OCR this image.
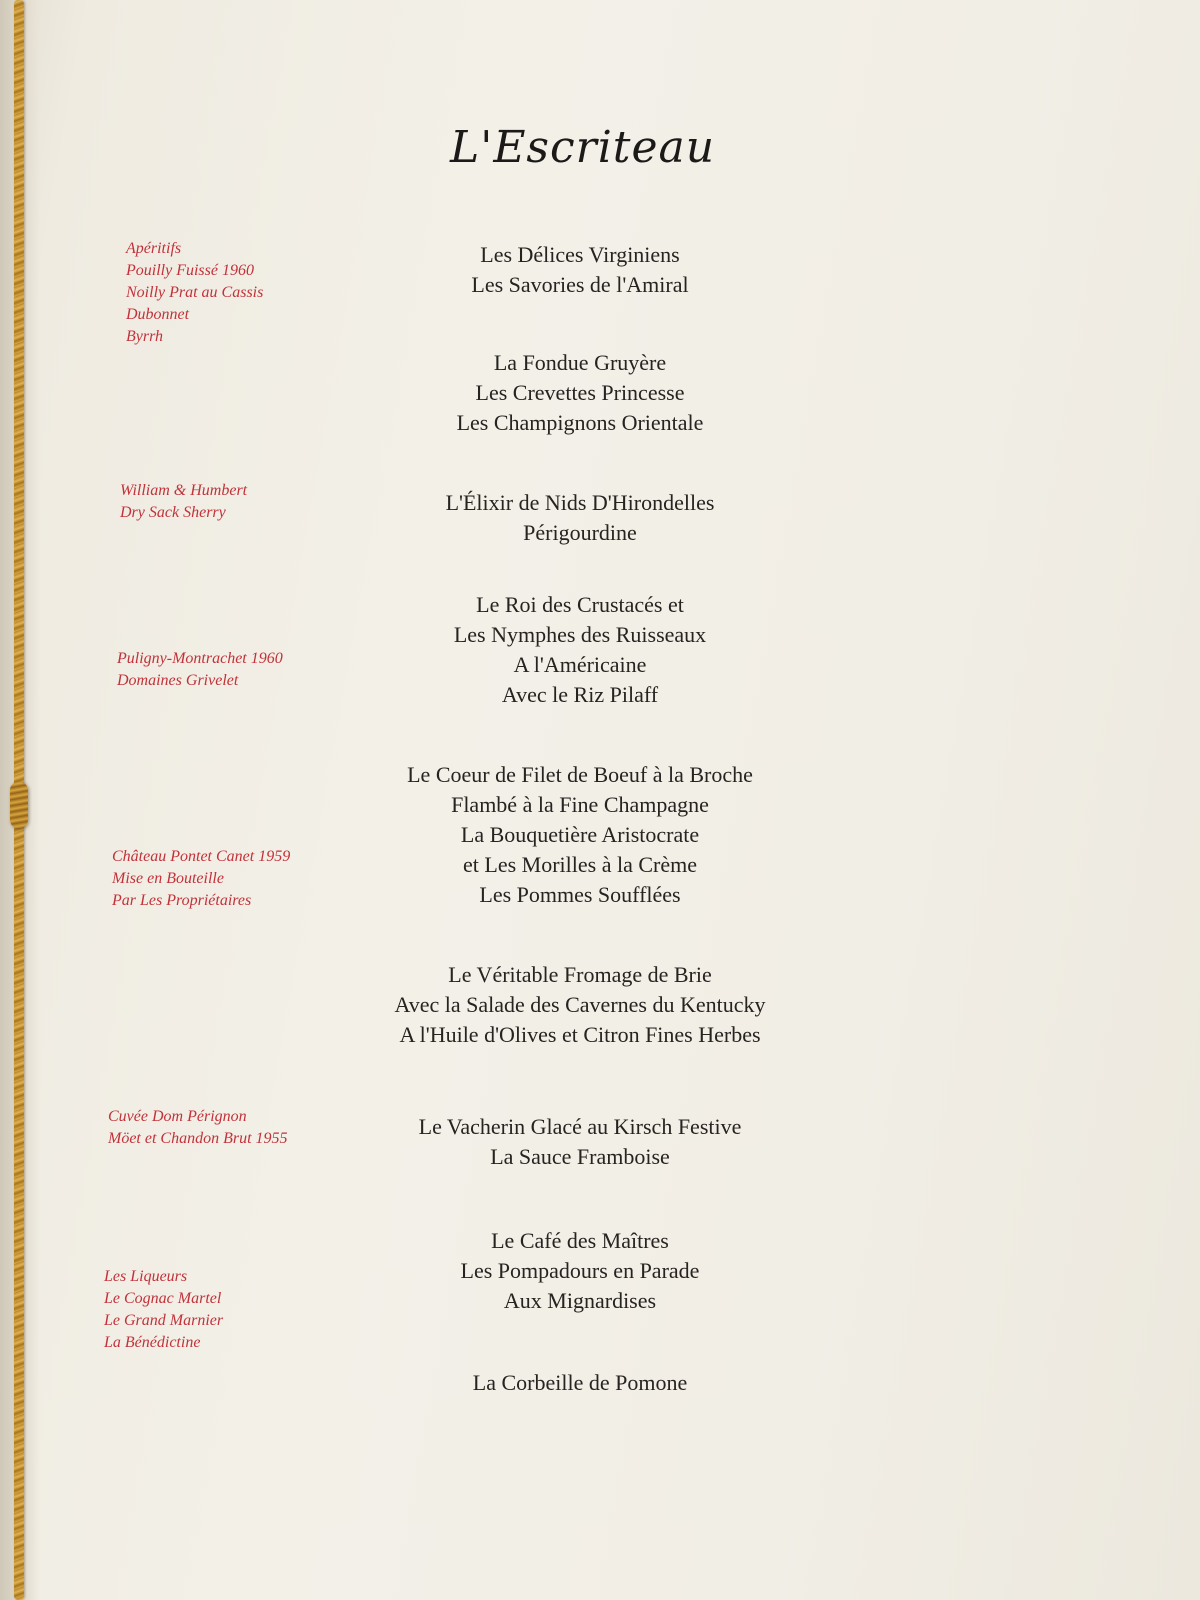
L'Escriteau
Apéritifs
Pouilly Fuissé 1960
Noilly Prat au Cassis
Dubonnet
Byrrh
William & Humbert
Dry Sack Sherry
Puligny-Montrachet 1960
Domaines Grivelet
Château Pontet Canet 1959
Mise en Bouteille
Par Les Propriétaires
Cuvée Dom Pérignon
Möet et Chandon Brut 1955
Les Liqueurs
Le Cognac Martel
Le Grand Marnier
La Bénédictine
Les Délices Virginiens
Les Savories de l'Amiral
La Fondue Gruyère
Les Crevettes Princesse
Les Champignons Orientale
L'Élixir de Nids D'Hirondelles
Périgourdine
Le Roi des Crustacés et
Les Nymphes des Ruisseaux
A l'Américaine
Avec le Riz Pilaff
Le Coeur de Filet de Boeuf à la Broche
Flambé à la Fine Champagne
La Bouquetière Aristocrate
et Les Morilles à la Crème
Les Pommes Soufflées
Le Véritable Fromage de Brie
Avec la Salade des Cavernes du Kentucky
A l'Huile d'Olives et Citron Fines Herbes
Le Vacherin Glacé au Kirsch Festive
La Sauce Framboise
Le Café des Maîtres
Les Pompadours en Parade
Aux Mignardises
La Corbeille de Pomone
